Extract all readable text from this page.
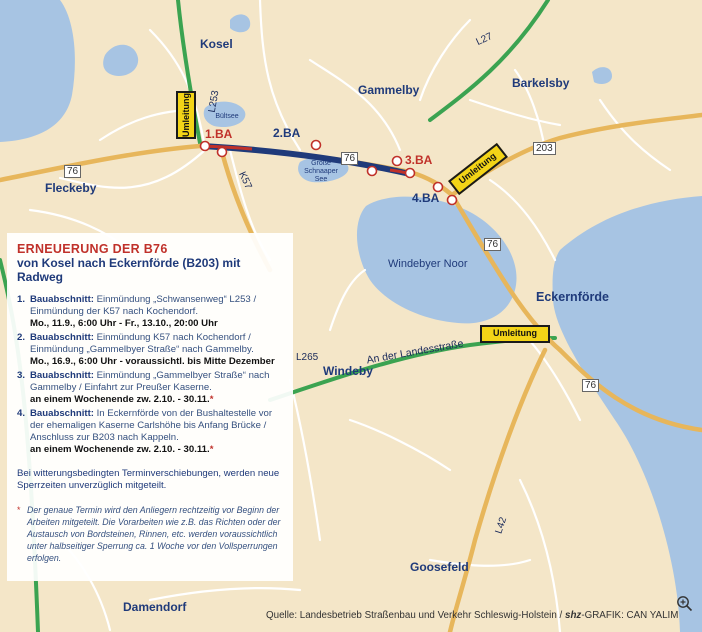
Umleitung
Umleitung
Umleitung
Kosel
Gammelby	Barkelsby
Fleckeby
Eckernförde
Windeby
Goosefeld
Damendorf
Windebyer Noor
Bültsee
Große Schnaaper See
L253
L27
K57
L265
L42
An der Landesstraße
203
76
76
76
76
1.BA	2.BA
3.BA
4.BA
ERNEUERUNG DER B76
von Kosel nach Eckernförde (B203) mit Radweg
1. Bauabschnitt: Einmündung „Schwansenweg“ L253 / Einmündung der K57 nach Kochendorf.
Mo., 11.9., 6:00 Uhr - Fr., 13.10., 20:00 Uhr
2. Bauabschnitt: Einmündung K57 nach Kochendorf / Einmündung „Gammelbyer Straße“ nach Gammelby.
Mo., 16.9., 6:00 Uhr - voraussichtl. bis Mitte Dezember
3. Bauabschnitt: Einmündung „Gammelbyer Straße“ nach Gammelby / Einfahrt zur Preußer Kaserne.
an einem Wochenende zw. 2.10. - 30.11.*
4. Bauabschnitt: In Eckernförde von der Bushaltestelle vor der ehemaligen Kaserne Carlshöhe bis Anfang Brücke / Anschluss zur B203 nach Kappeln.
an einem Wochenende zw. 2.10. - 30.11.*
Bei witterungsbedingten Terminverschiebungen, werden neue Sperrzeiten unverzüglich mitgeteilt.
* Der genaue Termin wird den Anliegern rechtzeitig vor Beginn der Arbeiten mitgeteilt. Die Vorarbeiten wie z.B. das Richten oder der Austausch von Bordsteinen, Rinnen, etc. werden voraussichtlich unter halbseitiger Sperrung ca. 1 Woche vor den Vollsperrungen erfolgen.
Quelle: Landesbetrieb Straßenbau und Verkehr Schleswig-Holstein / shz-GRAFIK: CAN YALIM
